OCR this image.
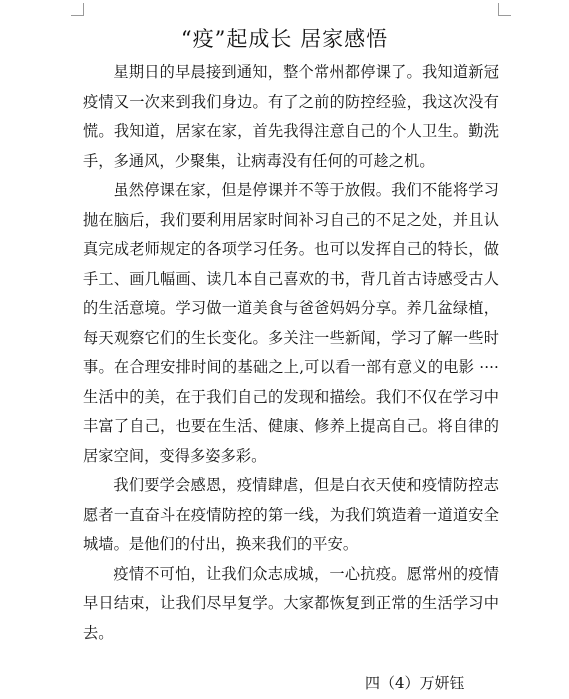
“疫”起成长 居家感悟

星期日的早晨接到通知，整个常州都停课了。我知道新冠疫情又一次来到我们身边。有了之前的防控经验，我这次没有慌。我知道，居家在家，首先我得注意自己的个人卫生。勤洗手，多通风，少聚集，让病毒没有任何的可趁之机。

虽然停课在家，但是停课并不等于放假。我们不能将学习抛在脑后，我们要利用居家时间补习自己的不足之处，并且认真完成老师规定的各项学习任务。也可以发挥自己的特长，做手工、画几幅画、读几本自己喜欢的书，背几首古诗感受古人的生活意境。学习做一道美食与爸爸妈妈分享。养几盆绿植，每天观察它们的生长变化。多关注一些新闻，学习了解一些时事。在合理安排时间的基础之上,可以看一部有意义的电影 ····生活中的美，在于我们自己的发现和描绘。我们不仅在学习中丰富了自己，也要在生活、健康、修养上提高自己。将自律的居家空间，变得多姿多彩。

我们要学会感恩，疫情肆虐，但是白衣天使和疫情防控志愿者一直奋斗在疫情防控的第一线，为我们筑造着一道道安全城墙。是他们的付出，换来我们的平安。

疫情不可怕，让我们众志成城，一心抗疫。愿常州的疫情早日结束，让我们尽早复学。大家都恢复到正常的生活学习中去。

四（4）万妍钰
